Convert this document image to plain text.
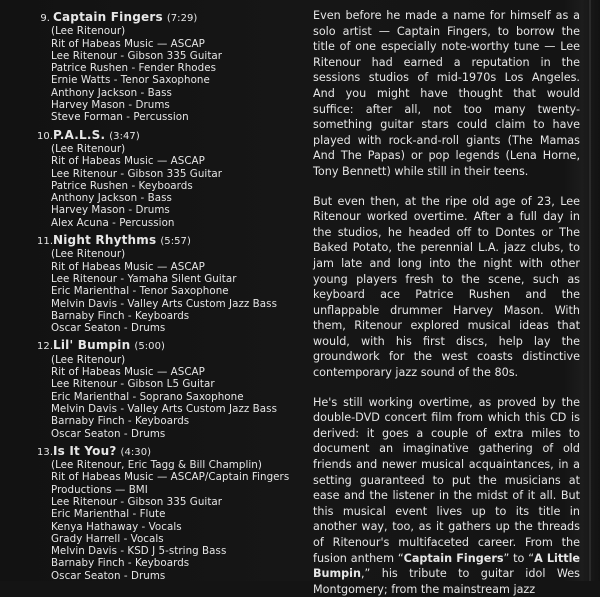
9. Captain Fingers (7:29)
(Lee Ritenour)
Rit of Habeas Music — ASCAP
Lee Ritenour - Gibson 335 Guitar
Patrice Rushen - Fender Rhodes
Ernie Watts - Tenor Saxophone
Anthony Jackson - Bass
Harvey Mason - Drums
Steve Forman - Percussion
10. P.A.L.S. (3:47)
(Lee Ritenour)
Rit of Habeas Music — ASCAP
Lee Ritenour - Gibson 335 Guitar
Patrice Rushen - Keyboards
Anthony Jackson - Bass
Harvey Mason - Drums
Alex Acuna - Percussion
11. Night Rhythms (5:57)
(Lee Ritenour)
Rit of Habeas Music — ASCAP
Lee Ritenour - Yamaha Silent Guitar
Eric Marienthal - Tenor Saxophone
Melvin Davis - Valley Arts Custom Jazz Bass
Barnaby Finch - Keyboards
Oscar Seaton - Drums
12. Lil' Bumpin (5:00)
(Lee Ritenour)
Rit of Habeas Music — ASCAP
Lee Ritenour - Gibson L5 Guitar
Eric Marienthal - Soprano Saxophone
Melvin Davis - Valley Arts Custom Jazz Bass
Barnaby Finch - Keyboards
Oscar Seaton - Drums
13. Is It You? (4:30)
(Lee Ritenour, Eric Tagg & Bill Champlin)
Rit of Habeas Music — ASCAP/Captain Fingers
Productions — BMI
Lee Ritenour - Gibson 335 Guitar
Eric Marienthal - Flute
Kenya Hathaway - Vocals
Grady Harrell - Vocals
Melvin Davis - KSD J 5-string Bass
Barnaby Finch - Keyboards
Oscar Seaton - Drums

Even before he made a name for himself as a solo artist — Captain Fingers, to borrow the title of one especially note-worthy tune — Lee Ritenour had earned a reputation in the sessions studios of mid-1970s Los Angeles. And you might have thought that would suffice: after all, not too many twenty-something guitar stars could claim to have played with rock-and-roll giants (The Mamas And The Papas) or pop legends (Lena Horne, Tony Bennett) while still in their teens.

But even then, at the ripe old age of 23, Lee Ritenour worked overtime. After a full day in the studios, he headed off to Dontes or The Baked Potato, the perennial L.A. jazz clubs, to jam late and long into the night with other young players fresh to the scene, such as keyboard ace Patrice Rushen and the unflappable drummer Harvey Mason. With them, Ritenour explored musical ideas that would, with his first discs, help lay the groundwork for the west coasts distinctive contemporary jazz sound of the 80s.

He's still working overtime, as proved by the double-DVD concert film from which this CD is derived: it goes a couple of extra miles to document an imaginative gathering of old friends and newer musical acquaintances, in a setting guaranteed to put the musicians at ease and the listener in the midst of it all. But this musical event lives up to its title in another way, too, as it gathers up the threads of Ritenour's multifaceted career. From the fusion anthem “Captain Fingers” to “A Little Bumpin,” his tribute to guitar idol Wes Montgomery; from the mainstream jazz
